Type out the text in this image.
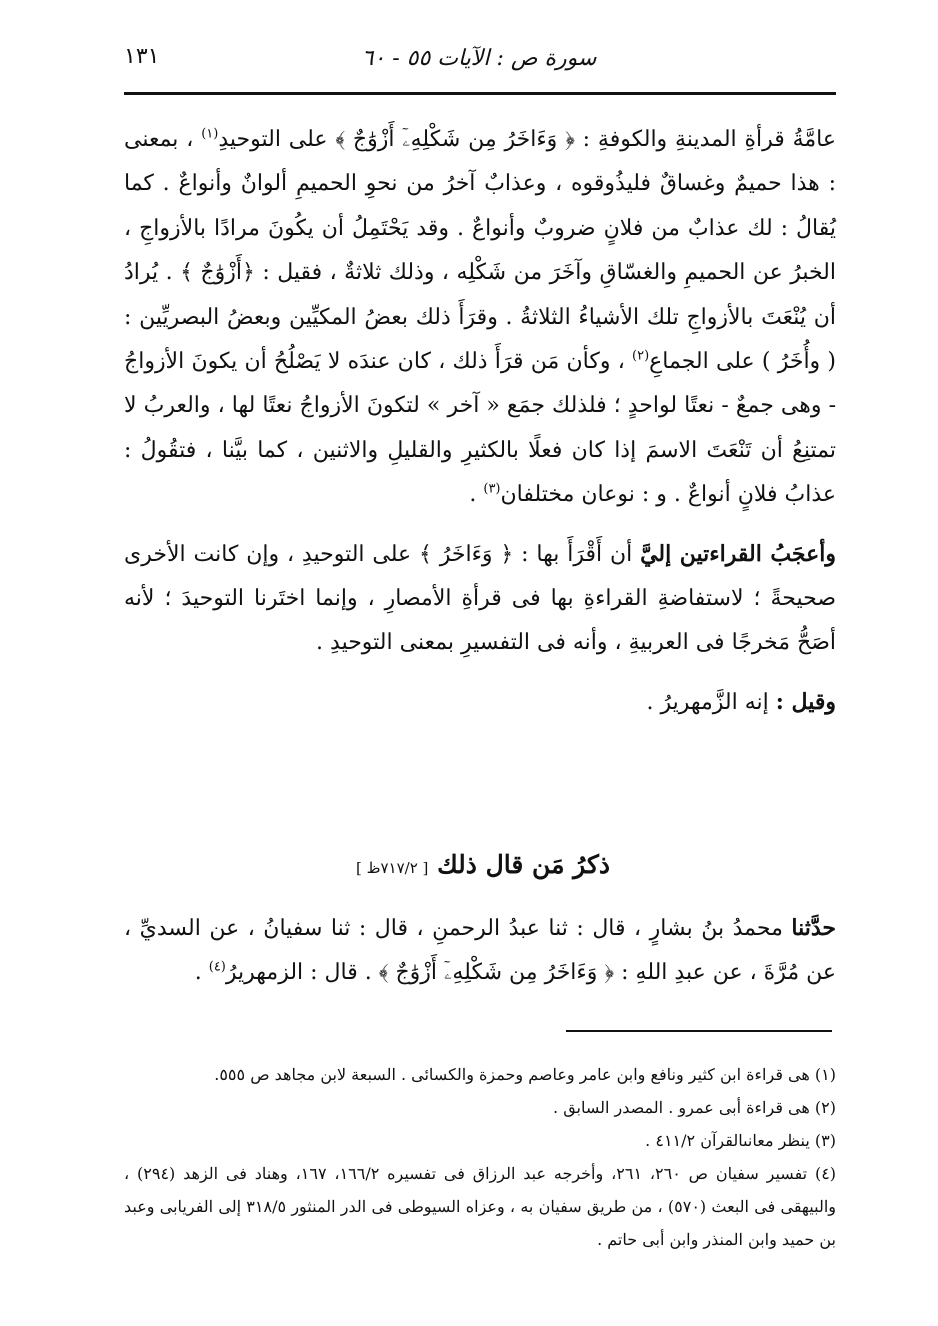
سورة ص : الآيات ٥٥ - ٦٠
١٣١

عامَّةُ قرأةِ المدينةِ والكوفةِ : ﴿ وَءَاخَرُ مِن شَكْلِهِۦٓ أَزْوَٰجٌ ﴾ على التوحيدِ$^{(١)}$ ، بمعنى : هذا حميمٌ وغساقٌ فليذُوقوه ، وعذابٌ آخرُ من نحوِ الحميمِ ألوانٌ وأنواعٌ . كما يُقالُ : لك عذابٌ من فلانٍ ضروبٌ وأنواعٌ . وقد يَحْتَمِلُ أن يكُونَ مرادًا بالأزواجِ ، الخبرُ عن الحميمِ والغسّاقِ وآخَرَ من شَكْلِه ، وذلك ثلاثةٌ ، فقيل : ﴿أَزْوَٰجٌ ﴾ . يُرادُ أن يُنْعَتَ بالأزواجِ تلك الأشياءُ الثلاثةُ . وقرَأَ ذلك بعضُ المكيِّين وبعضُ البصريِّين : ( وأُخَرُ ) على الجماعِ$^{(٢)}$ ، وكأن مَن قرَأَ ذلك ، كان عندَه لا يَصْلُحُ أن يكونَ الأزواجُ - وهى جمعٌ - نعتًا لواحدٍ ؛ فلذلك جمَع « آخر » لتكونَ الأزواجُ نعتًا لها ، والعربُ لا تمتنِعُ أن تَنْعَتَ الاسمَ إذا كان فعلًا بالكثيرِ والقليلِ والاثنين ، كما بيَّنا ، فتقُولُ : عذابُ فلانٍ أنواعٌ . و : نوعان مختلفان$^{(٣)}$ .

وأعجَبُ القراءتين إليَّ أن أَقْرَأَ بها : ﴿ وَءَاخَرُ ﴾ على التوحيدِ ، وإن كانت الأخرى صحيحةً ؛ لاستفاضةِ القراءةِ بها فى قرأةِ الأمصارِ ، وإنما اختَرنا التوحيدَ ؛ لأنه أصَحُّ مَخرجًا فى العربيةِ ، وأنه فى التفسيرِ بمعنى التوحيدِ .

وقيل : إنه الزَّمهريرُ .

ذكرُ مَن قال ذلك [ ٧١٧/٢ظ ]

حدَّثنا محمدُ بنُ بشارٍ ، قال : ثنا عبدُ الرحمنِ ، قال : ثنا سفيانُ ، عن السديِّ ، عن مُرَّةَ ، عن عبدِ اللهِ : ﴿ وَءَاخَرُ مِن شَكْلِهِۦٓ أَزْوَٰجٌ ﴾ . قال : الزمهريرُ$^{(٤)}$ .

(١) هى قراءة ابن كثير ونافع وابن عامر وعاصم وحمزة والكسائى . السبعة لابن مجاهد ص ٥٥٥.
(٢) هى قراءة أبى عمرو . المصدر السابق .
(٣) ينظر معانىالقرآن ٤١١/٢ .
(٤) تفسير سفيان ص ٢٦٠، ٢٦١، وأخرجه عبد الرزاق فى تفسيره ١٦٦/٢، ١٦٧، وهناد فى الزهد (٢٩٤) ، والبيهقى فى البعث (٥٧٠) ، من طريق سفيان به ، وعزاه السيوطى فى الدر المنثور ٣١٨/٥ إلى الفريابى وعبد بن حميد وابن المنذر وابن أبى حاتم .
